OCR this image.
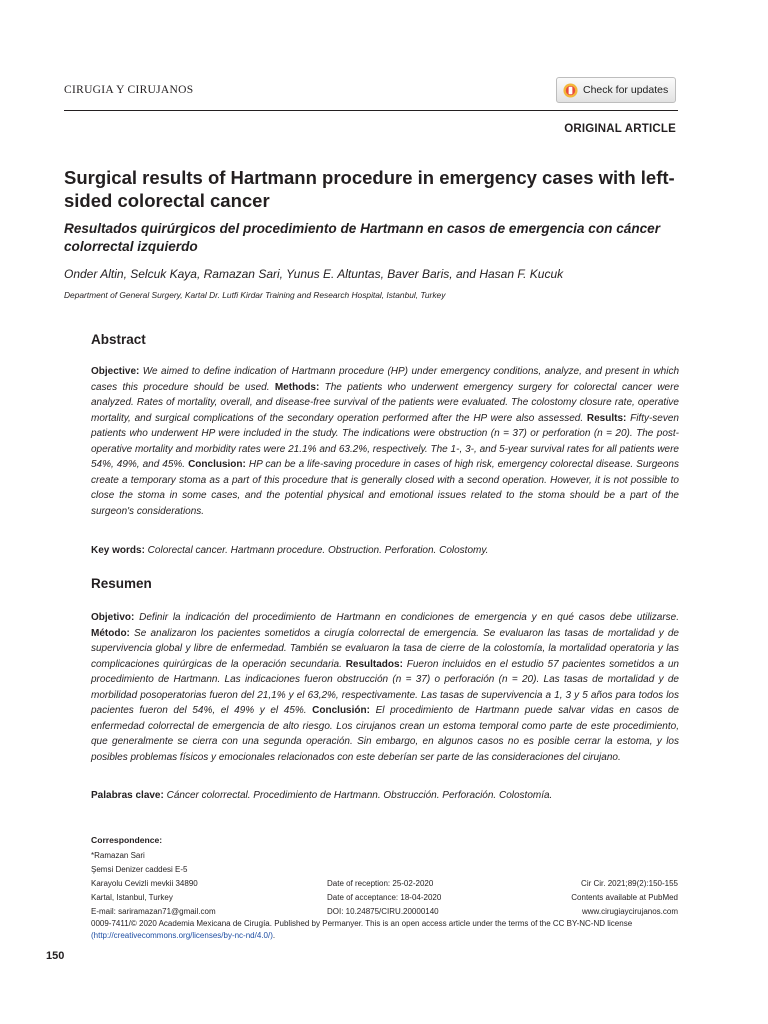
CIRUGIA Y CIRUJANOS	Check for updates
ORIGINAL ARTICLE
Surgical results of Hartmann procedure in emergency cases with left-sided colorectal cancer
Resultados quirúrgicos del procedimiento de Hartmann en casos de emergencia con cáncer colorrectal izquierdo
Onder Altin, Selcuk Kaya, Ramazan Sari, Yunus E. Altuntas, Baver Baris, and Hasan F. Kucuk
Department of General Surgery, Kartal Dr. Lutfi Kirdar Training and Research Hospital, Istanbul, Turkey
Abstract
Objective: We aimed to define indication of Hartmann procedure (HP) under emergency conditions, analyze, and present in which cases this procedure should be used. Methods: The patients who underwent emergency surgery for colorectal cancer were analyzed. Rates of mortality, overall, and disease-free survival of the patients were evaluated. The colostomy closure rate, operative mortality, and surgical complications of the secondary operation performed after the HP were also assessed. Results: Fifty-seven patients who underwent HP were included in the study. The indications were obstruction (n = 37) or perforation (n = 20). The post-operative mortality and morbidity rates were 21.1% and 63.2%, respectively. The 1-, 3-, and 5-year survival rates for all patients were 54%, 49%, and 45%. Conclusion: HP can be a life-saving procedure in cases of high risk, emergency colorectal disease. Surgeons create a temporary stoma as a part of this procedure that is generally closed with a second operation. However, it is not possible to close the stoma in some cases, and the potential physical and emotional issues related to the stoma should be a part of the surgeon's considerations.
Key words: Colorectal cancer. Hartmann procedure. Obstruction. Perforation. Colostomy.
Resumen
Objetivo: Definir la indicación del procedimiento de Hartmann en condiciones de emergencia y en qué casos debe utilizarse. Método: Se analizaron los pacientes sometidos a cirugía colorrectal de emergencia. Se evaluaron las tasas de mortalidad y de supervivencia global y libre de enfermedad. También se evaluaron la tasa de cierre de la colostomía, la mortalidad operatoria y las complicaciones quirúrgicas de la operación secundaria. Resultados: Fueron incluidos en el estudio 57 pacientes sometidos a un procedimiento de Hartmann. Las indicaciones fueron obstrucción (n = 37) o perforación (n = 20). Las tasas de mortalidad y de morbilidad posoperatorias fueron del 21,1% y el 63,2%, respectivamente. Las tasas de supervivencia a 1, 3 y 5 años para todos los pacientes fueron del 54%, el 49% y el 45%. Conclusión: El procedimiento de Hartmann puede salvar vidas en casos de enfermedad colorrectal de emergencia de alto riesgo. Los cirujanos crean un estoma temporal como parte de este procedimiento, que generalmente se cierra con una segunda operación. Sin embargo, en algunos casos no es posible cerrar la estoma, y los posibles problemas físicos y emocionales relacionados con este deberían ser parte de las consideraciones del cirujano.
Palabras clave: Cáncer colorrectal. Procedimiento de Hartmann. Obstrucción. Perforación. Colostomía.
Correspondence:
*Ramazan Sari
Şemsi Denizer caddesi E-5
Karayolu Cevizli mevkii 34890
Kartal, Istanbul, Turkey
E-mail: sariramazan71@gmail.com
Date of reception: 25-02-2020
Date of acceptance: 18-04-2020
DOI: 10.24875/CIRU.20000140
Cir Cir. 2021;89(2):150-155
Contents available at PubMed
www.cirugiaycirujanos.com
0009-7411/© 2020 Academia Mexicana de Cirugía. Published by Permanyer. This is an open access article under the terms of the CC BY-NC-ND license (http://creativecommons.org/licenses/by-nc-nd/4.0/).
150
